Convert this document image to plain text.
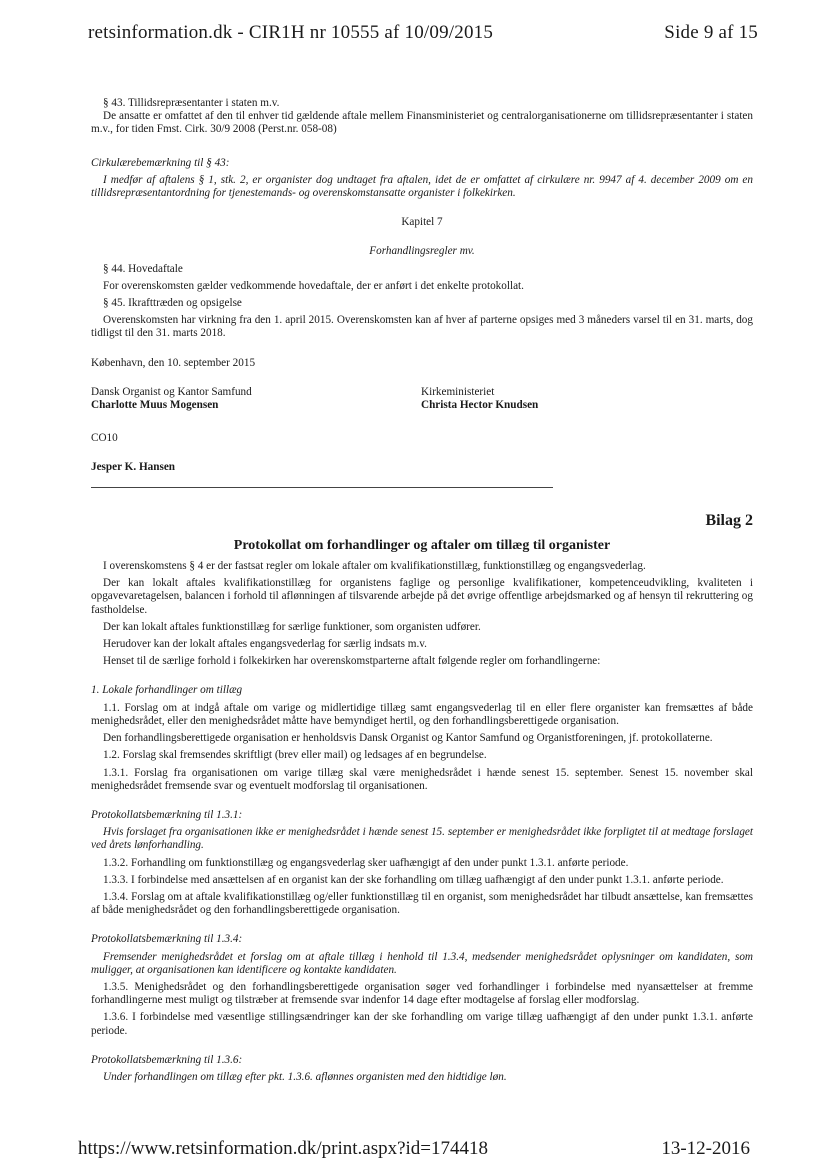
retsinformation.dk - CIR1H nr 10555 af 10/09/2015	Side 9 af 15

§ 43. Tillidsrepræsentanter i staten m.v.

De ansatte er omfattet af den til enhver tid gældende aftale mellem Finansministeriet og centralorganisationerne om tillidsrepræsentanter i staten m.v., for tiden Fmst. Cirk. 30/9 2008 (Perst.nr. 058-08)

Cirkulærebemærkning til § 43:

I medfør af aftalens § 1, stk. 2, er organister dog undtaget fra aftalen, idet de er omfattet af cirkulære nr. 9947 af 4. december 2009 om en tillidsrepræsentantordning for tjenestemands- og overenskomstansatte organister i folkekirken.

Kapitel 7

Forhandlingsregler mv.

§ 44. Hovedaftale

For overenskomsten gælder vedkommende hovedaftale, der er anført i det enkelte protokollat.

§ 45. Ikrafttræden og opsigelse

Overenskomsten har virkning fra den 1. april 2015. Overenskomsten kan af hver af parterne opsiges med 3 måneders varsel til en 31. marts, dog tidligst til den 31. marts 2018.

København, den 10. september 2015

Dansk Organist og Kantor Samfund

Charlotte Muus Mogensen

Kirkeministeriet

Christa Hector Knudsen

CO10

Jesper K. Hansen

Bilag 2

Protokollat om forhandlinger og aftaler om tillæg til organister

I overenskomstens § 4 er der fastsat regler om lokale aftaler om kvalifikationstillæg, funktionstillæg og engangsvederlag.

Der kan lokalt aftales kvalifikationstillæg for organistens faglige og personlige kvalifikationer, kompetenceudvikling, kvaliteten i opgavevaretagelsen, balancen i forhold til aflønningen af tilsvarende arbejde på det øvrige offentlige arbejdsmarked og af hensyn til rekruttering og fastholdelse.

Der kan lokalt aftales funktionstillæg for særlige funktioner, som organisten udfører.

Herudover kan der lokalt aftales engangsvederlag for særlig indsats m.v.

Henset til de særlige forhold i folkekirken har overenskomstparterne aftalt følgende regler om forhandlingerne:

1. Lokale forhandlinger om tillæg

1.1. Forslag om at indgå aftale om varige og midlertidige tillæg samt engangsvederlag til en eller flere organister kan fremsættes af både menighedsrådet, eller den menighedsrådet måtte have bemyndiget hertil, og den forhandlingsberettigede organisation.

Den forhandlingsberettigede organisation er henholdsvis Dansk Organist og Kantor Samfund og Organistforeningen, jf. protokollaterne.

1.2. Forslag skal fremsendes skriftligt (brev eller mail) og ledsages af en begrundelse.

1.3.1. Forslag fra organisationen om varige tillæg skal være menighedsrådet i hænde senest 15. september. Senest 15. november skal menighedsrådet fremsende svar og eventuelt modforslag til organisationen.

Protokollatsbemærkning til 1.3.1:

Hvis forslaget fra organisationen ikke er menighedsrådet i hænde senest 15. september er menighedsrådet ikke forpligtet til at medtage forslaget ved årets lønforhandling.

1.3.2. Forhandling om funktionstillæg og engangsvederlag sker uafhængigt af den under punkt 1.3.1. anførte periode.

1.3.3. I forbindelse med ansættelsen af en organist kan der ske forhandling om tillæg uafhængigt af den under punkt 1.3.1. anførte periode.

1.3.4. Forslag om at aftale kvalifikationstillæg og/eller funktionstillæg til en organist, som menighedsrådet har tilbudt ansættelse, kan fremsættes af både menighedsrådet og den forhandlingsberettigede organisation.

Protokollatsbemærkning til 1.3.4:

Fremsender menighedsrådet et forslag om at aftale tillæg i henhold til 1.3.4, medsender menighedsrådet oplysninger om kandidaten, som muligger, at organisationen kan identificere og kontakte kandidaten.

1.3.5. Menighedsrådet og den forhandlingsberettigede organisation søger ved forhandlinger i forbindelse med nyansættelser at fremme forhandlingerne mest muligt og tilstræber at fremsende svar indenfor 14 dage efter modtagelse af forslag eller modforslag.

1.3.6. I forbindelse med væsentlige stillingsændringer kan der ske forhandling om varige tillæg uafhængigt af den under punkt 1.3.1. anførte periode.

Protokollatsbemærkning til 1.3.6:

Under forhandlingen om tillæg efter pkt. 1.3.6. aflønnes organisten med den hidtidige løn.

https://www.retsinformation.dk/print.aspx?id=174418	13-12-2016
